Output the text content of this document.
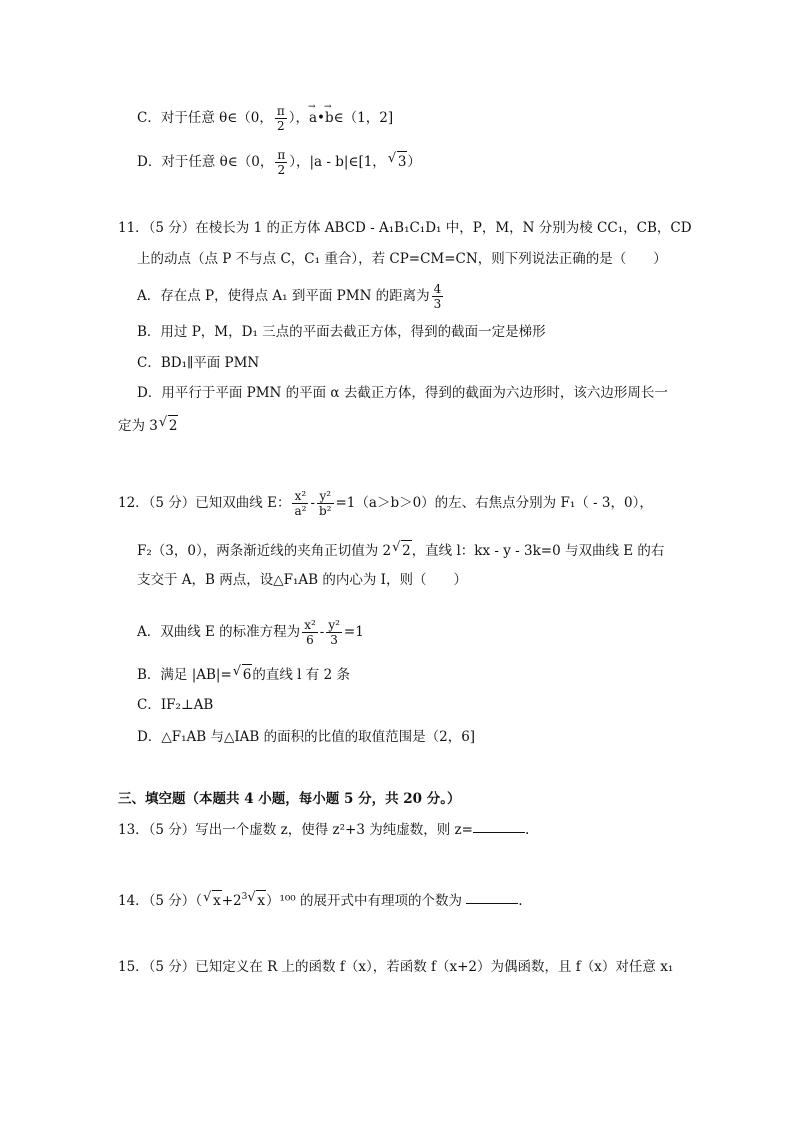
C．对于任意 θ∈（0， $\frac{\pi}{2}$ ），→ a•→ b∈（1，2]
D．对于任意 θ∈（0， $\frac{\pi}{2}$ ），|a - b|∈[1，√ 3）
11．（5 分）在棱长为 1 的正方体 ABCD - A₁B₁C₁D₁ 中，P，M，N 分别为棱 CC₁，CB，CD
上的动点（点 P 不与点 C，C₁ 重合），若 CP=CM=CN，则下列说法正确的是（　　）
A．存在点 P，使得点 A₁ 到平面 PMN 的距离为 $\frac{4}{3}$
B．用过 P，M，D₁ 三点的平面去截正方体，得到的截面一定是梯形
C．BD₁∥平面 PMN
D．用平行于平面 PMN 的平面 α 去截正方体，得到的截面为六边形时，该六边形周长一
定为 3√ 2
12．（5 分）已知双曲线 E： $\frac{\text{x²}}{\text{a²}} - \frac{\text{y²}}{\text{b²}} =1(a>b>0)$的左、右焦点分别为 F₁（ - 3，0），
F₂（3，0），两条渐近线的夹角正切值为 2√ 2，直线 l：kx - y - 3k=0 与双曲线 E 的右
支交于 A，B 两点，设△F₁AB 的内心为 I，则（　　）
A．双曲线 E 的标准方程为 $\frac{\text{x²}}{6} - \frac{\text{y²}}{3} =1$
B．满足 |AB|=√ 6的直线 l 有 2 条
C．IF₂⊥AB
D．△F₁AB 与△IAB 的面积的比值的取值范围是（2，6]
三、填空题（本题共 4 小题，每小题 5 分，共 20 分。）
13．（5 分）写出一个虚数 z，使得 z²+3 为纯虚数，则 z=	.
14．（5 分）（√ $x+2^3√$ x）¹⁰⁰ 的展开式中有理项的个数为	.
15．（5 分）已知定义在 R 上的函数 f（x），若函数 f（x+2）为偶函数，且 f（x）对任意 x₁
